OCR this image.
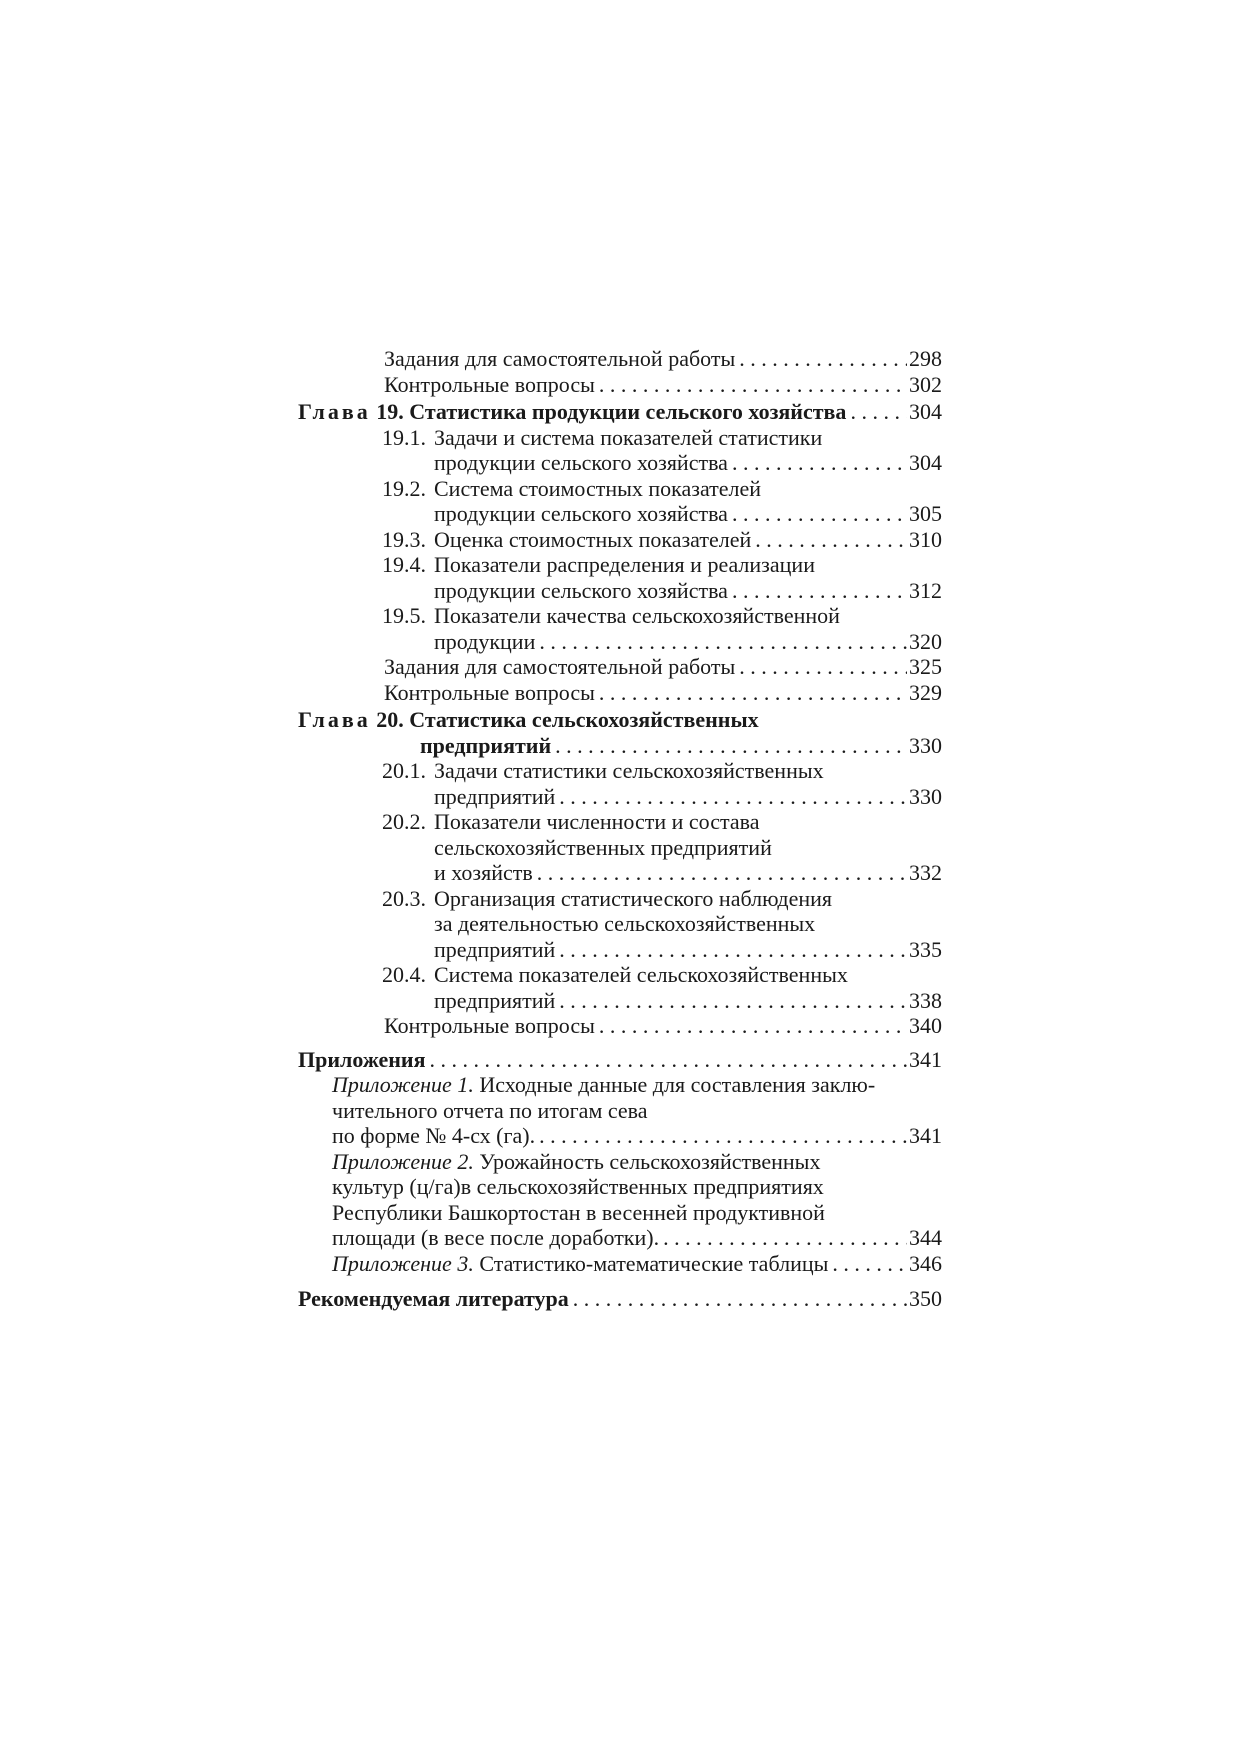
Задания для самостоятельной работы . . .	298
Контрольные вопросы . . .	302
Глава 19. Статистика продукции сельского хозяйства . . .	304
19.1. Задачи и система показателей статистики
продукции сельского хозяйства . . .	304
19.2. Система стоимостных показателей
продукции сельского хозяйства . . .	305
19.3. Оценка стоимостных показателей . . .	310
19.4. Показатели распределения и реализации
продукции сельского хозяйства . . .	312
19.5. Показатели качества сельскохозяйственной
продукции . . .	320
Задания для самостоятельной работы . . .	325
Контрольные вопросы . . .	329
Глава 20. Статистика сельскохозяйственных
предприятий . . .	330
20.1. Задачи статистики сельскохозяйственных
предприятий . . .	330
20.2. Показатели численности и состава
сельскохозяйственных предприятий
и хозяйств . . .	332
20.3. Организация статистического наблюдения
за деятельностью сельскохозяйственных
предприятий . . .	335
20.4. Система показателей сельскохозяйственных
предприятий . . .	338
Контрольные вопросы . . .	340
Приложения . . .	341
Приложение 1. Исходные данные для составления заклю-
чительного отчета по итогам сева
по форме № 4-сх (га). . . .	341
Приложение 2. Урожайность сельскохозяйственных
культур (ц/га)в сельскохозяйственных предприятиях
Республики Башкортостан в весенней продуктивной
площади (в весе после доработки). . . .	344
Приложение 3. Статистико-математические таблицы . . .	346
Рекомендуемая литература . . .	350
